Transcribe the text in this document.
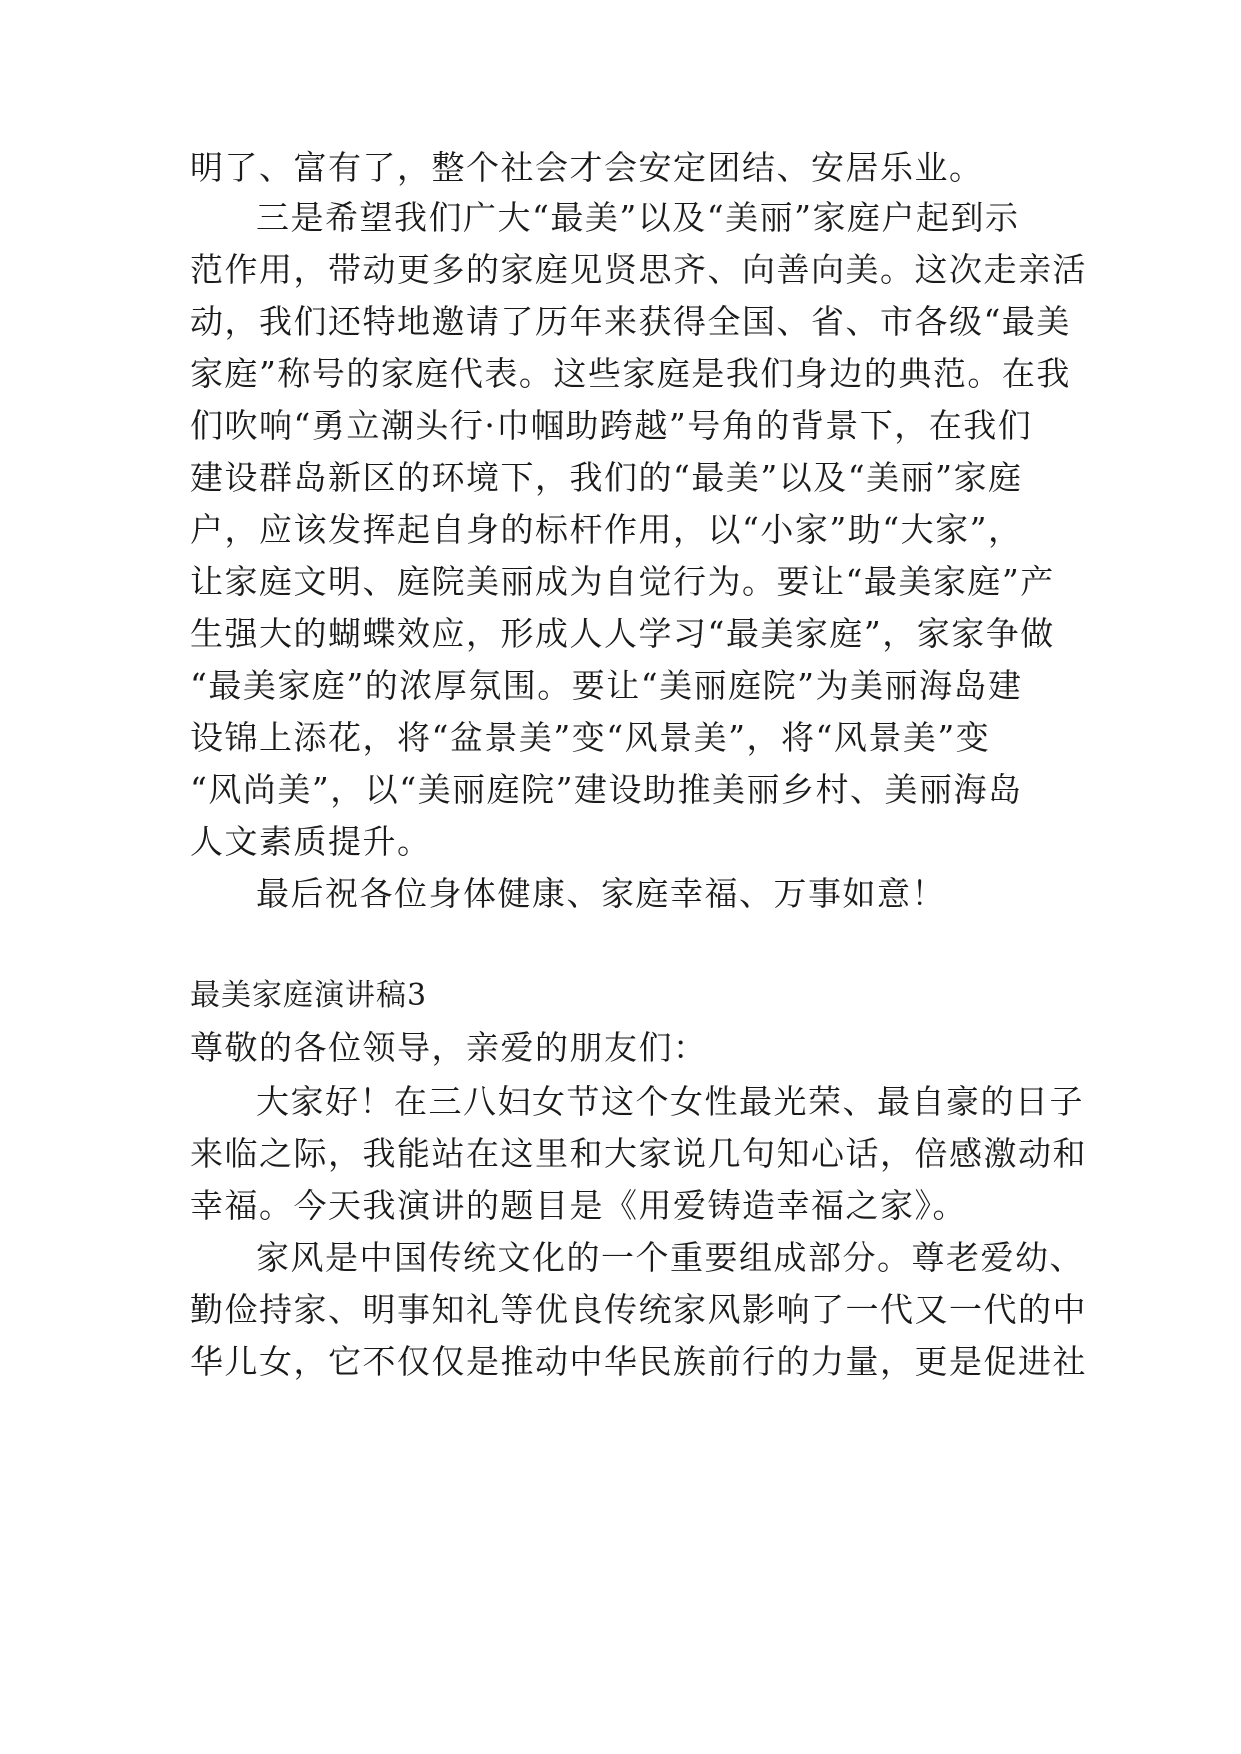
明了、富有了，整个社会才会安定团结、安居乐业。
三是希望我们广大“最美”以及“美丽”家庭户起到示
范作用，带动更多的家庭见贤思齐、向善向美。这次走亲活
动，我们还特地邀请了历年来获得全国、省、市各级“最美
家庭”称号的家庭代表。这些家庭是我们身边的典范。在我
们吹响“勇立潮头行·巾帼助跨越”号角的背景下，在我们
建设群岛新区的环境下，我们的“最美”以及“美丽”家庭
户，应该发挥起自身的标杆作用，以“小家”助“大家”，
让家庭文明、庭院美丽成为自觉行为。要让“最美家庭”产
生强大的蝴蝶效应，形成人人学习“最美家庭”，家家争做
“最美家庭”的浓厚氛围。要让“美丽庭院”为美丽海岛建
设锦上添花，将“盆景美”变“风景美”，将“风景美”变
“风尚美”，以“美丽庭院”建设助推美丽乡村、美丽海岛
人文素质提升。
最后祝各位身体健康、家庭幸福、万事如意！
最美家庭演讲稿3
尊敬的各位领导，亲爱的朋友们：
大家好！在三八妇女节这个女性最光荣、最自豪的日子
来临之际，我能站在这里和大家说几句知心话，倍感激动和
幸福。今天我演讲的题目是《用爱铸造幸福之家》。
家风是中国传统文化的一个重要组成部分。尊老爱幼、
勤俭持家、明事知礼等优良传统家风影响了一代又一代的中
华儿女，它不仅仅是推动中华民族前行的力量，更是促进社
